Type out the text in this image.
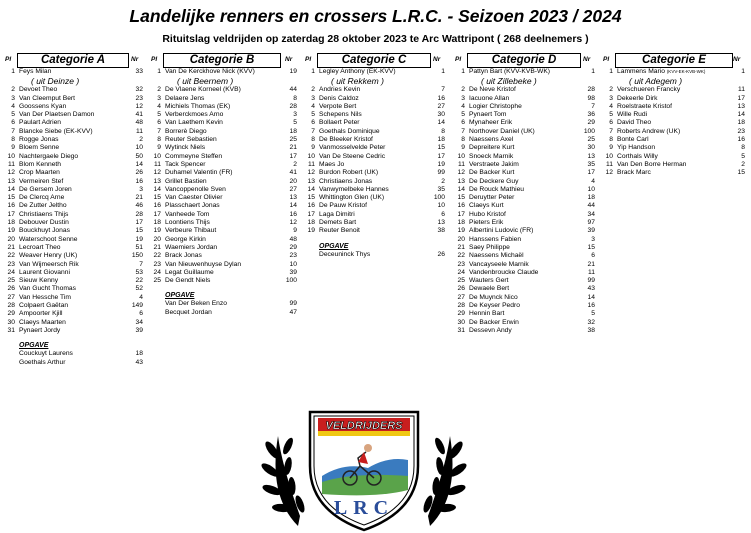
Landelijke renners en crossers L.R.C. - Seizoen 2023 / 2024
Rituitslag veldrijden op zaterdag 28 oktober 2023 te Arc Wattripont ( 268 deelnemers )
Pl	Categorie A	Nr
1 Feys Milan	33
( uit Deinze )
2 Devoet Theo	32
3 Van Cleemput Bert	23
4 Goossens Kyan	12
5 Van Der Plaetsen Damon	41
6 Paulart Adrien	48
7 Blancke Siebe (EK-KVV)	11
8 Rogge Jonas	2
9 Bloem Senne	10
10 Nachtergaele Diego	50
11 Blom Kenneth	14
12 Crop Maarten	26
13 Vermeiren Stef	16
14 De Gersem Joren	3
15 De Clercq Arne	21
16 De Zutter Jeltho	46
17 Christiaens Thijs	28
18 Debouver Dustin	17
19 Bouckhuyt Jonas	15
20 Waterschoot Senne	19
21 Lecroart Theo	51
22 Weaver Henry (UK)	150
23 Van Wijmeersch Rik	7
24 Laurent Giovanni	53
25 Sieuw Kenny	22
26 Van Gucht Thomas	52
27 Van Hessche Tim	4
28 Colpaert Gaëtan	149
29 Ampoorter Kjill	6
30 Claeys Maarten	34
31 Pynaert Jordy	39
OPGAVE
Couckuyt Laurens	18
Goethals Arthur	43
Pl	Categorie B	Nr
1 Van De Kerckhove Nick (KVV)	19
( uit Beernem )
2 De Vlaene Korneel (KVB)	44
3 Delaere Jens	8
4 Michiels Thomas (EK)	28
5 Verberckmoes Arno	3
6 Van Laethem Kevin	5
7 Borrerè Diego	18
8 Reuter Sebastien	25
9 Wytinck Niels	21
10 Commeyne Steffen	17
11 Tack Spencer	2
12 Duhamel Valentin (FR)	41
13 Grillet Bastien	20
14 Vancoppenolle Sven	27
15 Van Caester Olivier	13
16 Plasschaert Jonas	14
17 Vanheede Tom	16
18 Loontiens Thijs	12
19 Verbeure Thibaut	9
20 George Kirkin	48
21 Waemiers Jordan	29
22 Brack Jonas	23
23 Van Nieuwenhuyse Dylan	10
24 Legat Guillaume	39
25 De Gendt Niels	100
OPGAVE
Van Der Beken Enzo	99
Becquet Jordan	47
Pl	Categorie C	Nr
1 Legley Anthony (EK-KVV)	1
( uit Rekkem )
2 Andries Kevin	7
3 Denis Caldoz	16
4 Verpote Bert	27
5 Schepens Nils	30
6 Bollaert Peter	14
7 Goethals Dominique	8
8 De Bleeker Kristof	18
9 Vanmosselvelde Peter	15
10 Van De Steene Cedric	17
11 Maes Jo	19
12 Burdon Robert (UK)	99
13 Christiaens Jonas	2
14 Vanwymelbeke Hannes	35
15 Whittington Glen (UK)	100
16 De Pauw Kristof	10
17 Laga Dimitri	6
18 Demets Bart	13
19 Reuter Benoit	38
OPGAVE
Deceuninck Thys	26
Pl	Categorie D	Nr
1 Pattyn Bart (KVV-KVB-WK)	1
( uit Zillebeke )
2 De Neve Kristof	28
3 Iacuone Allan	98
4 Logier Christophe	7
5 Pynaert Tom	36
6 Mynaheer Erik	29
7 Northover Daniel (UK)	100
8 Naessens Axel	25
9 Depreitere Kurt	30
10 Snoeck Marnik	13
11 Verstraete Jakim	35
12 De Backer Kurt	17
13 De Deckere Guy	4
14 De Rouck Mathieu	10
15 Deruytter Peter	18
16 Claeys Kurt	44
17 Hubo Kristof	34
18 Pieters Erik	97
19 Albertini Ludovic (FR)	39
20 Hanssens Fabien	3
21 Saey Philippe	15
22 Naessens Michaël	6
23 Vancayseele Marnik	21
24 Vandenbroucke Claude	11
25 Wauters Gert	99
26 Dewaele Bert	43
27 De Muynck Nico	14
28 De Keyser Pedro	16
29 Hennin Bart	5
30 De Backer Erwin	32
31 Dessevn Andy	38
Pl	Categorie E	Nr
1 Lammens Mario (KVV-EK-KVB-WK)	1
( uit Adegem )
2 Verschueren Francky	11
3 Dekeerle Dirk	17
4 Roelstraete Kristof	13
5 Wille Rudi	14
6 David Theo	18
7 Roberts Andrew (UK)	23
8 Bonte Carl	16
9 Yip Handson	8
10 Corthals Willy	5
11 Van Den Borre Herman	2
12 Brack Marc	15
VELDRIJDERS
LRC
